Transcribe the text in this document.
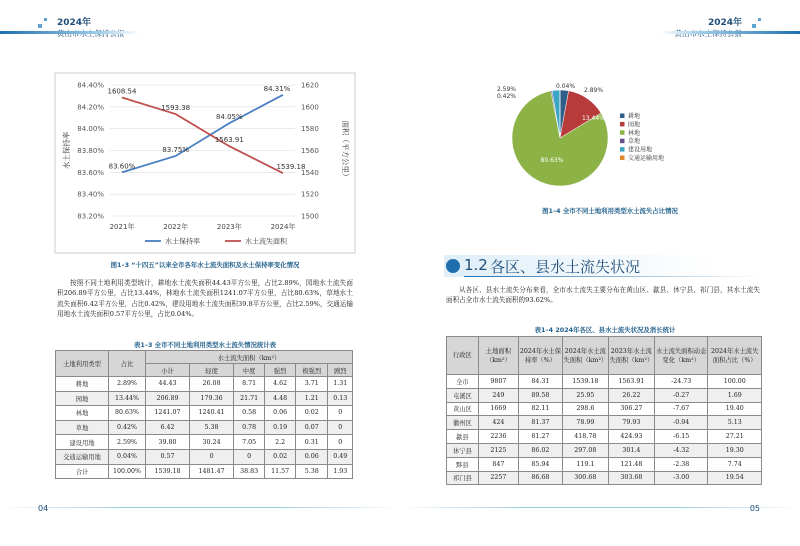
2024年
83.20%
83.40%
83.60%
83.80%
84.00%
84.20%
84.40%
1500
1520
1540
1560
1580
1600
1620
2021年	2022年	2023年	2024年
水土保持率	面积（平方公里）
83.60%
83.75%
84.05%
84.31%
1608.54
1593.38
1563.91
1539.18
水土保持率	水土流失面积
图1–3 “十四五”以来全市各年水土流失面积及水土保持率变化情况

按照不同土地利用类型统计，耕地水土流失面积44.43平方公里，占比2.89%，园地水土流失面积206.89平方公里，占比13.44%，林地水土流失面积1241.07平方公里，占比80.63%，草地水土流失面积6.42平方公里，占比0.42%，建设用地水土流失面积39.8平方公里，占比2.59%，交通运输用地水土流失面积0.57平方公里，占比0.04%。

表1–3 全市不同土地利用类型水土流失情况统计表
土地利用类型	占比	水土流失面积（km²）					
		小计	轻度	中度	强烈	极强烈	剧烈
耕地	2.89%	44.43	26.08	8.71	4.62	3.71	1.31
园地	13.44%	206.89	179.36	21.71	4.48	1.21	0.13
林地	80.63%	1241.07	1240.41	0.58	0.06	0.02	0
草地	0.42%	6.42	5.38	0.78	0.19	0.07	0
建设用地	2.59%	39.80	30.24	7.05	2.2	0.31	0
交通运输用地	0.04%	0.57	0	0	0.02	0.06	0.49
合计	100.00%	1539.18	1481.47	38.83	11.57	5.38	1.93
04
2024年
2.89%
13.44%
80.63%
0.42%
2.59%	0.04%
耕地
园地
林地
草地
建设用地
交通运输用地
图1–4 全市不同土地利用类型水土流失占比情况
1.2 各区、县水土流失状况

从各区、县水土流失分布来看，全市水土流失主要分布在黄山区、歙县、休宁县、祁门县，其水土流失面积占全市水土流失面积的93.62%。

表1–4 2024年各区、县水土流失状况及消长统计
行政区	土地面积（km²）	2024年水土保持率（%）	2024年水土流失面积（km²）	2023年水土流失面积（km²）	水土流失面积动态变化（km²）	2024年水土流失面积占比（%）
全市	9807	84.31	1539.18	1563.91	-24.73	100.00
屯溪区	249	89.58	25.95	26.22	-0.27	1.69
黄山区	1669	82.11	298.6	306.27	-7.67	19.40
徽州区	424	81.37	78.99	79.93	-0.94	5.13
歙县	2236	81.27	418.78	424.93	-6.15	27.21
休宁县	2125	86.02	297.08	301.4	-4.32	19.30
黟县	847	85.94	119.1	121.48	-2.38	7.74
祁门县	2257	86.68	300.68	303.68	-3.00	19.54
05
